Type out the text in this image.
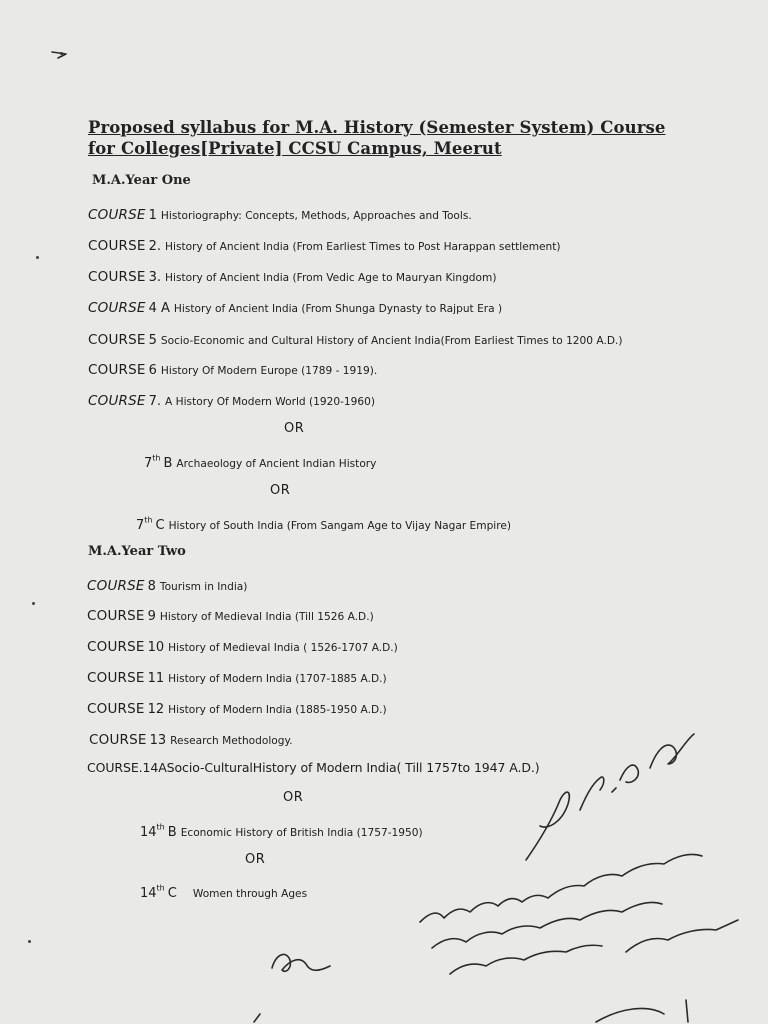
Proposed syllabus for M.A. History (Semester System) Course for Colleges[Private] CCSU Campus, Meerut
M.A.Year One
COURSE 1 Historiography: Concepts, Methods, Approaches and Tools.
COURSE 2. History of Ancient India (From Earliest Times to Post Harappan settlement)
COURSE 3. History of Ancient India (From Vedic Age to Mauryan Kingdom)
COURSE 4 A History of Ancient India (From Shunga Dynasty to Rajput Era )
COURSE 5 Socio-Economic and Cultural History of Ancient India(From Earliest Times to 1200 A.D.)
COURSE 6 History Of Modern Europe (1789 - 1919).
COURSE 7. A History Of Modern World (1920-1960)
OR
7th B Archaeology of Ancient Indian History
OR
7th C History of South India (From Sangam Age to Vijay Nagar Empire)
M.A.Year Two
COURSE 8 Tourism in India)
COURSE 9 History of Medieval India (Till 1526 A.D.)
COURSE 10 History of Medieval India ( 1526-1707 A.D.)
COURSE 11 History of Modern India (1707-1885 A.D.)
COURSE 12 History of Modern India (1885-1950 A.D.)
COURSE 13 Research Methodology.
COURSE.14ASocio-CulturalHistory of Modern India( Till 1757to 1947 A.D.)
OR
14th B Economic History of British India (1757-1950)
OR
14th C Women through Ages
